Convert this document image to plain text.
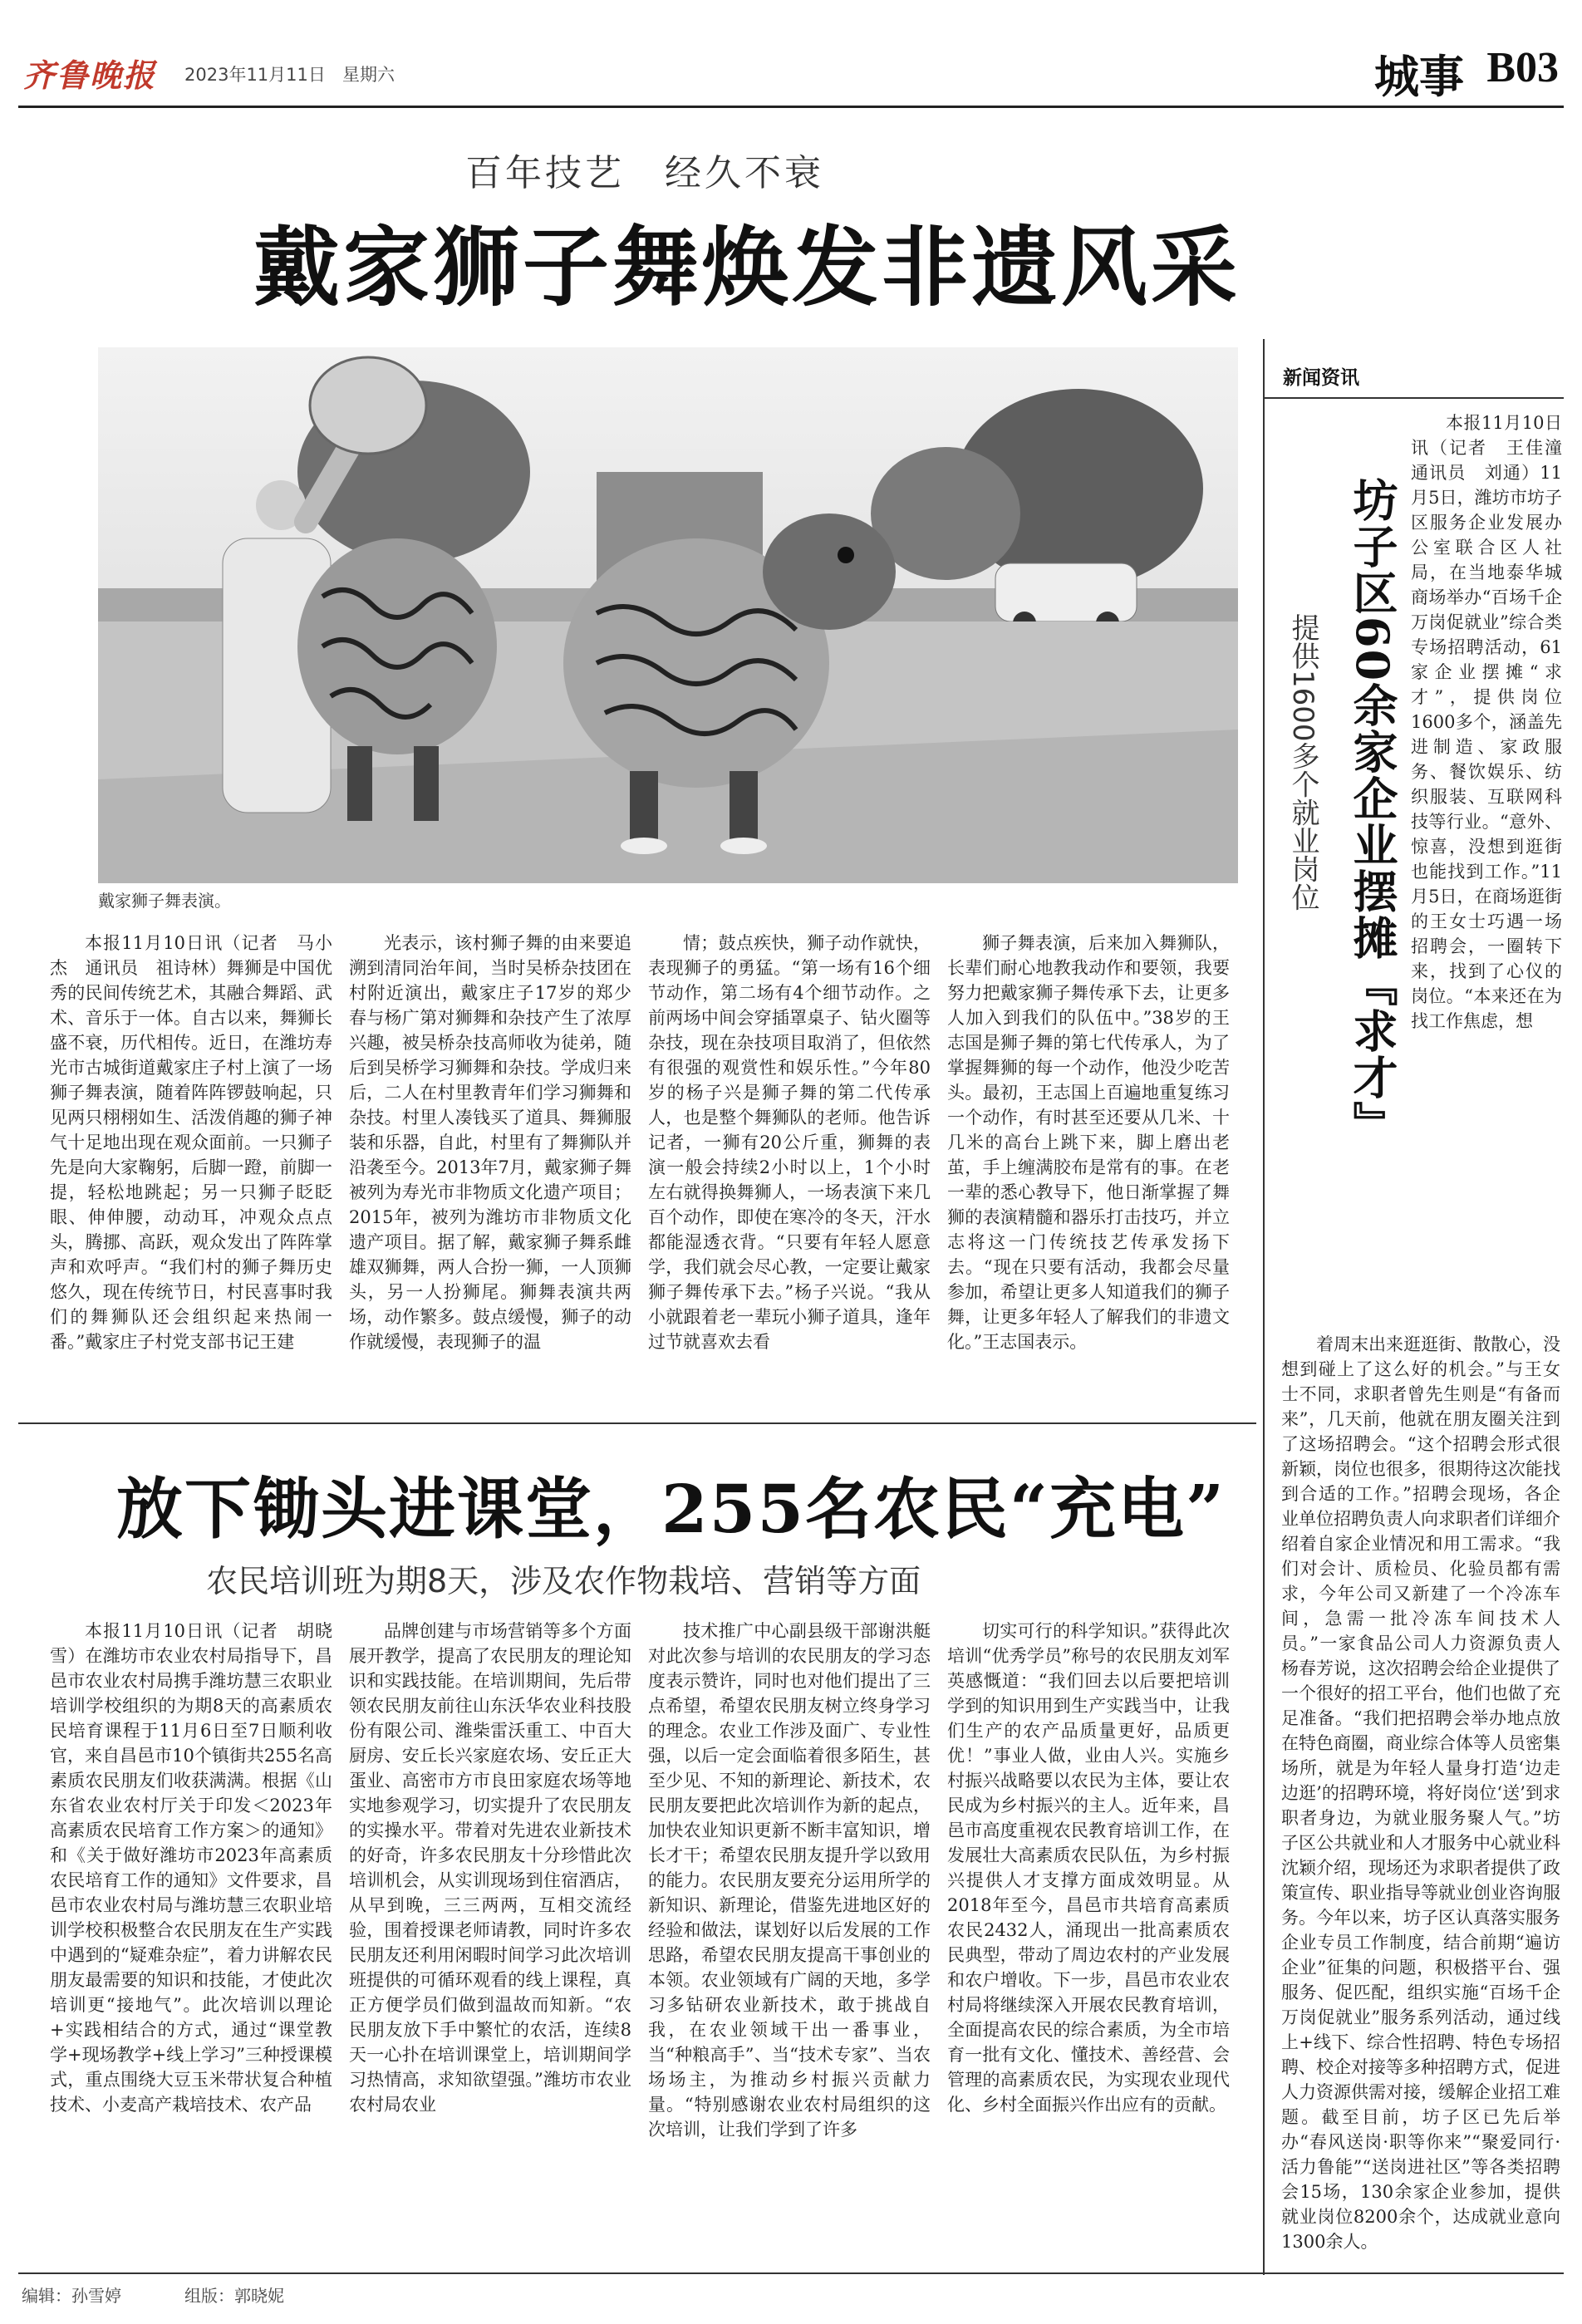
齐鲁晚报 2023年11月11日 星期六	城事 B03
百年技艺　经久不衰
戴家狮子舞焕发非遗风采
戴家狮子舞表演。

本报11月10日讯（记者　马小杰　通讯员　祖诗林）舞狮是中国优秀的民间传统艺术，其融合舞蹈、武术、音乐于一体。自古以来，舞狮长盛不衰，历代相传。近日，在潍坊寿光市古城街道戴家庄子村上演了一场狮子舞表演，随着阵阵锣鼓响起，只见两只栩栩如生、活泼俏趣的狮子神气十足地出现在观众面前。一只狮子先是向大家鞠躬，后脚一蹬，前脚一提，轻松地跳起；另一只狮子眨眨眼、伸伸腰，动动耳，冲观众点点头，腾挪、高跃，观众发出了阵阵掌声和欢呼声。“我们村的狮子舞历史悠久，现在传统节日，村民喜事时我们的舞狮队还会组织起来热闹一番。”戴家庄子村党支部书记王建

光表示，该村狮子舞的由来要追溯到清同治年间，当时吴桥杂技团在村附近演出，戴家庄子17岁的郑少春与杨广第对狮舞和杂技产生了浓厚兴趣，被吴桥杂技高师收为徒弟，随后到吴桥学习狮舞和杂技。学成归来后，二人在村里教青年们学习狮舞和杂技。村里人凑钱买了道具、舞狮服装和乐器，自此，村里有了舞狮队并沿袭至今。2013年7月，戴家狮子舞被列为寿光市非物质文化遗产项目；2015年，被列为潍坊市非物质文化遗产项目。据了解，戴家狮子舞系雌雄双狮舞，两人合扮一狮，一人顶狮头，另一人扮狮尾。狮舞表演共两场，动作繁多。鼓点缓慢，狮子的动作就缓慢，表现狮子的温

情；鼓点疾快，狮子动作就快，表现狮子的勇猛。“第一场有16个细节动作，第二场有4个细节动作。之前两场中间会穿插罩桌子、钻火圈等杂技，现在杂技项目取消了，但依然有很强的观赏性和娱乐性。”今年80岁的杨子兴是狮子舞的第二代传承人，也是整个舞狮队的老师。他告诉记者，一狮有20公斤重，狮舞的表演一般会持续2小时以上，1个小时左右就得换舞狮人，一场表演下来几百个动作，即使在寒冷的冬天，汗水都能湿透衣背。“只要有年轻人愿意学，我们就会尽心教，一定要让戴家狮子舞传承下去。”杨子兴说。“我从小就跟着老一辈玩小狮子道具，逢年过节就喜欢去看

狮子舞表演，后来加入舞狮队，长辈们耐心地教我动作和要领，我要努力把戴家狮子舞传承下去，让更多人加入到我们的队伍中。”38岁的王志国是狮子舞的第七代传承人，为了掌握舞狮的每一个动作，他没少吃苦头。最初，王志国上百遍地重复练习一个动作，有时甚至还要从几米、十几米的高台上跳下来，脚上磨出老茧，手上缠满胶布是常有的事。在老一辈的悉心教导下，他日渐掌握了舞狮的表演精髓和器乐打击技巧，并立志将这一门传统技艺传承发扬下去。“现在只要有活动，我都会尽量参加，希望让更多人知道我们的狮子舞，让更多年轻人了解我们的非遗文化。”王志国表示。

放下锄头进课堂，255名农民“充电”
农民培训班为期8天，涉及农作物栽培、营销等方面

本报11月10日讯（记者　胡晓雪）在潍坊市农业农村局指导下，昌邑市农业农村局携手潍坊慧三农职业培训学校组织的为期8天的高素质农民培育课程于11月6日至7日顺利收官，来自昌邑市10个镇街共255名高素质农民朋友们收获满满。根据《山东省农业农村厅关于印发＜2023年高素质农民培育工作方案＞的通知》和《关于做好潍坊市2023年高素质农民培育工作的通知》文件要求，昌邑市农业农村局与潍坊慧三农职业培训学校积极整合农民朋友在生产实践中遇到的“疑难杂症”，着力讲解农民朋友最需要的知识和技能，才使此次培训更“接地气”。此次培训以理论+实践相结合的方式，通过“课堂教学+现场教学+线上学习”三种授课模式，重点围绕大豆玉米带状复合种植技术、小麦高产栽培技术、农产品

品牌创建与市场营销等多个方面展开教学，提高了农民朋友的理论知识和实践技能。在培训期间，先后带领农民朋友前往山东沃华农业科技股份有限公司、潍柴雷沃重工、中百大厨房、安丘长兴家庭农场、安丘正大蛋业、高密市方市良田家庭农场等地实地参观学习，切实提升了农民朋友的实操水平。带着对先进农业新技术的好奇，许多农民朋友十分珍惜此次培训机会，从实训现场到住宿酒店，从早到晚，三三两两，互相交流经验，围着授课老师请教，同时许多农民朋友还利用闲暇时间学习此次培训班提供的可循环观看的线上课程，真正方便学员们做到温故而知新。“农民朋友放下手中繁忙的农活，连续8天一心扑在培训课堂上，培训期间学习热情高，求知欲望强。”潍坊市农业农村局农业

技术推广中心副县级干部谢洪艇对此次参与培训的农民朋友的学习态度表示赞许，同时也对他们提出了三点希望，希望农民朋友树立终身学习的理念。农业工作涉及面广、专业性强，以后一定会面临着很多陌生，甚至少见、不知的新理论、新技术，农民朋友要把此次培训作为新的起点，加快农业知识更新不断丰富知识，增长才干；希望农民朋友提升学以致用的能力。农民朋友要充分运用所学的新知识、新理论，借鉴先进地区好的经验和做法，谋划好以后发展的工作思路，希望农民朋友提高干事创业的本领。农业领域有广阔的天地，多学习多钻研农业新技术，敢于挑战自我，在农业领域干出一番事业，当“种粮高手”、当“技术专家”、当农场场主，为推动乡村振兴贡献力量。“特别感谢农业农村局组织的这次培训，让我们学到了许多

切实可行的科学知识。”获得此次培训“优秀学员”称号的农民朋友刘军英感慨道：“我们回去以后要把培训学到的知识用到生产实践当中，让我们生产的农产品质量更好，品质更优！”事业人做，业由人兴。实施乡村振兴战略要以农民为主体，要让农民成为乡村振兴的主人。近年来，昌邑市高度重视农民教育培训工作，在发展壮大高素质农民队伍，为乡村振兴提供人才支撑方面成效明显。从2018年至今，昌邑市共培育高素质农民2432人，涌现出一批高素质农民典型，带动了周边农村的产业发展和农户增收。下一步，昌邑市农业农村局将继续深入开展农民教育培训，全面提高农民的综合素质，为全市培育一批有文化、懂技术、善经营、会管理的高素质农民，为实现农业现代化、乡村全面振兴作出应有的贡献。

新闻资讯
坊子区60余家企业摆摊『求才』
提供1600多个就业岗位

本报11月10日讯（记者　王佳潼　通讯员　刘通）11月5日，潍坊市坊子区服务企业发展办公室联合区人社局，在当地泰华城商场举办“百场千企万岗促就业”综合类专场招聘活动，61家企业摆摊“求才”，提供岗位1600多个，涵盖先进制造、家政服务、餐饮娱乐、纺织服装、互联网科技等行业。“意外、惊喜，没想到逛街也能找到工作。”11月5日，在商场逛街的王女士巧遇一场招聘会，一圈转下来，找到了心仪的岗位。“本来还在为找工作焦虑，想

着周末出来逛逛街、散散心，没想到碰上了这么好的机会。”与王女士不同，求职者曾先生则是“有备而来”，几天前，他就在朋友圈关注到了这场招聘会。“这个招聘会形式很新颖，岗位也很多，很期待这次能找到合适的工作。”招聘会现场，各企业单位招聘负责人向求职者们详细介绍着自家企业情况和用工需求。“我们对会计、质检员、化验员都有需求，今年公司又新建了一个冷冻车间，急需一批冷冻车间技术人员。”一家食品公司人力资源负责人杨春芳说，这次招聘会给企业提供了一个很好的招工平台，他们也做了充足准备。“我们把招聘会举办地点放在特色商圈，商业综合体等人员密集场所，就是为年轻人量身打造‘边走边逛’的招聘环境，将好岗位‘送’到求职者身边，为就业服务聚人气。”坊子区公共就业和人才服务中心就业科沈颖介绍，现场还为求职者提供了政策宣传、职业指导等就业创业咨询服务。今年以来，坊子区认真落实服务企业专员工作制度，结合前期“遍访企业”征集的问题，积极搭平台、强服务、促匹配，组织实施“百场千企万岗促就业”服务系列活动，通过线上+线下、综合性招聘、特色专场招聘、校企对接等多种招聘方式，促进人力资源供需对接，缓解企业招工难题。截至目前，坊子区已先后举办“春风送岗·职等你来”“聚爱同行·活力鲁能”“送岗进社区”等各类招聘会15场，130余家企业参加，提供就业岗位8200余个，达成就业意向1300余人。

编辑：孙雪婷	组版：郭晓妮
